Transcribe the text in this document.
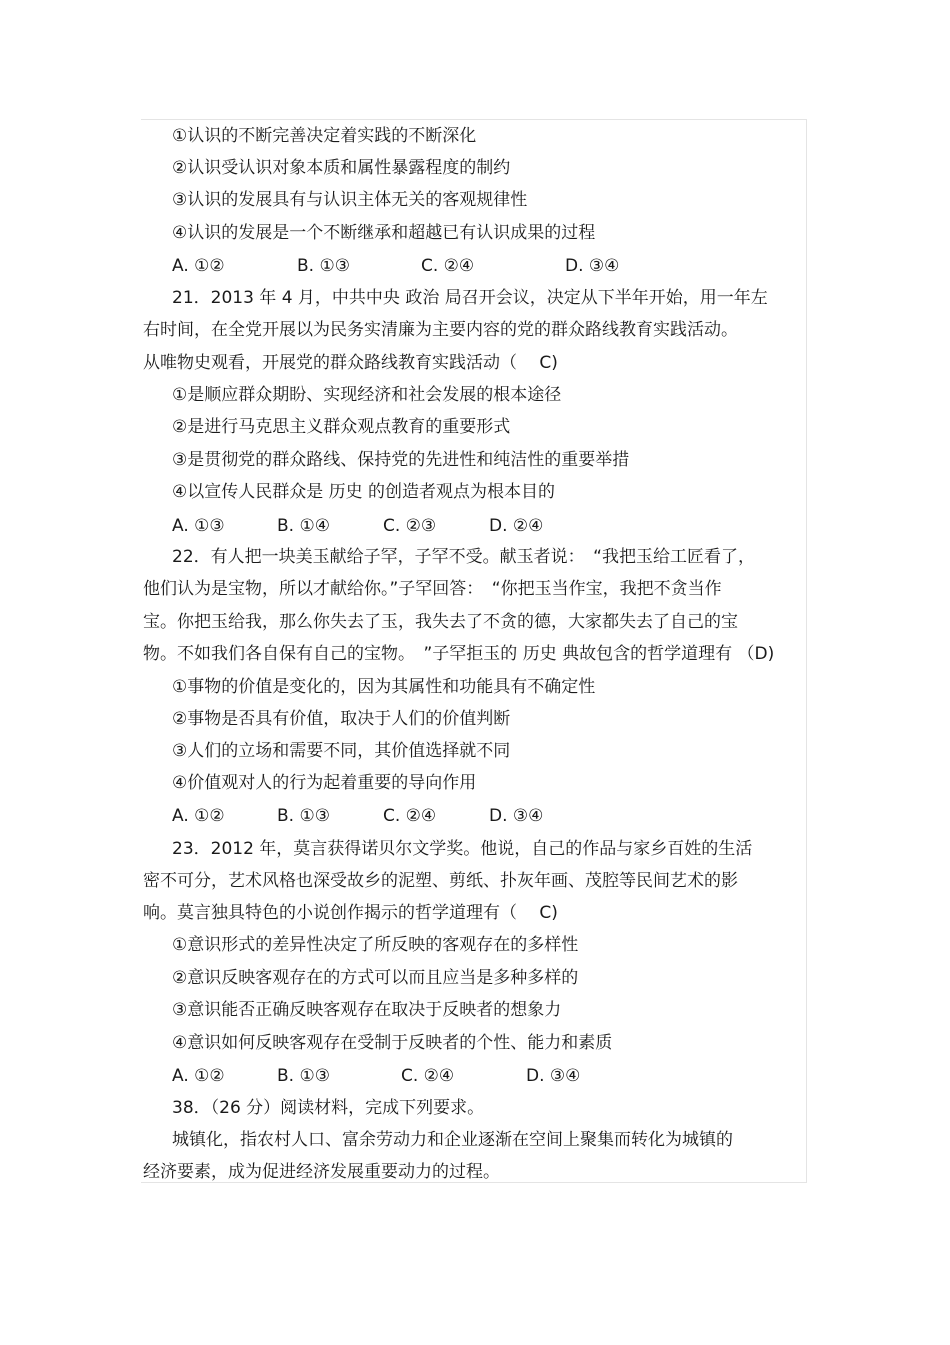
①认识的不断完善决定着实践的不断深化
②认识受认识对象本质和属性暴露程度的制约
③认识的发展具有与认识主体无关的客观规律性
④认识的发展是一个不断继承和超越已有认识成果的过程
A. ①②	B. ①③	C. ②④	D. ③④
21．2013 年 4 月，中共中央 政治 局召开会议，决定从下半年开始，用一年左
右时间，在全党开展以为民务实清廉为主要内容的党的群众路线教育实践活动。
从唯物史观看，开展党的群众路线教育实践活动（　 C)
①是顺应群众期盼、实现经济和社会发展的根本途径
②是进行马克思主义群众观点教育的重要形式
③是贯彻党的群众路线、保持党的先进性和纯洁性的重要举措
④以宣传人民群众是 历史 的创造者观点为根本目的
A. ①③	B. ①④	C. ②③	D. ②④
22．有人把一块美玉献给子罕，子罕不受。献玉者说：　“我把玉给工匠看了，
他们认为是宝物，所以才献给你。”子罕回答：　“你把玉当作宝，我把不贪当作
宝。你把玉给我，那么你失去了玉，我失去了不贪的德，大家都失去了自己的宝
物。不如我们各自保有自己的宝物。　”子罕拒玉的 历史 典故包含的哲学道理有 （D)
①事物的价值是变化的，因为其属性和功能具有不确定性
②事物是否具有价值，取决于人们的价值判断
③人们的立场和需要不同，其价值选择就不同
④价值观对人的行为起着重要的导向作用
A. ①②	B. ①③	C. ②④	D. ③④
23．2012 年，莫言获得诺贝尔文学奖。他说，自己的作品与家乡百姓的生活
密不可分，艺术风格也深受故乡的泥塑、剪纸、扑灰年画、茂腔等民间艺术的影
响。莫言独具特色的小说创作揭示的哲学道理有（　 C)
①意识形式的差异性决定了所反映的客观存在的多样性
②意识反映客观存在的方式可以而且应当是多种多样的
③意识能否正确反映客观存在取决于反映者的想象力
④意识如何反映客观存在受制于反映者的个性、能力和素质
A. ①②	B. ①③	C. ②④	D. ③④
38．（26 分）阅读材料，完成下列要求。
城镇化，指农村人口、富余劳动力和企业逐渐在空间上聚集而转化为城镇的
经济要素，成为促进经济发展重要动力的过程。
